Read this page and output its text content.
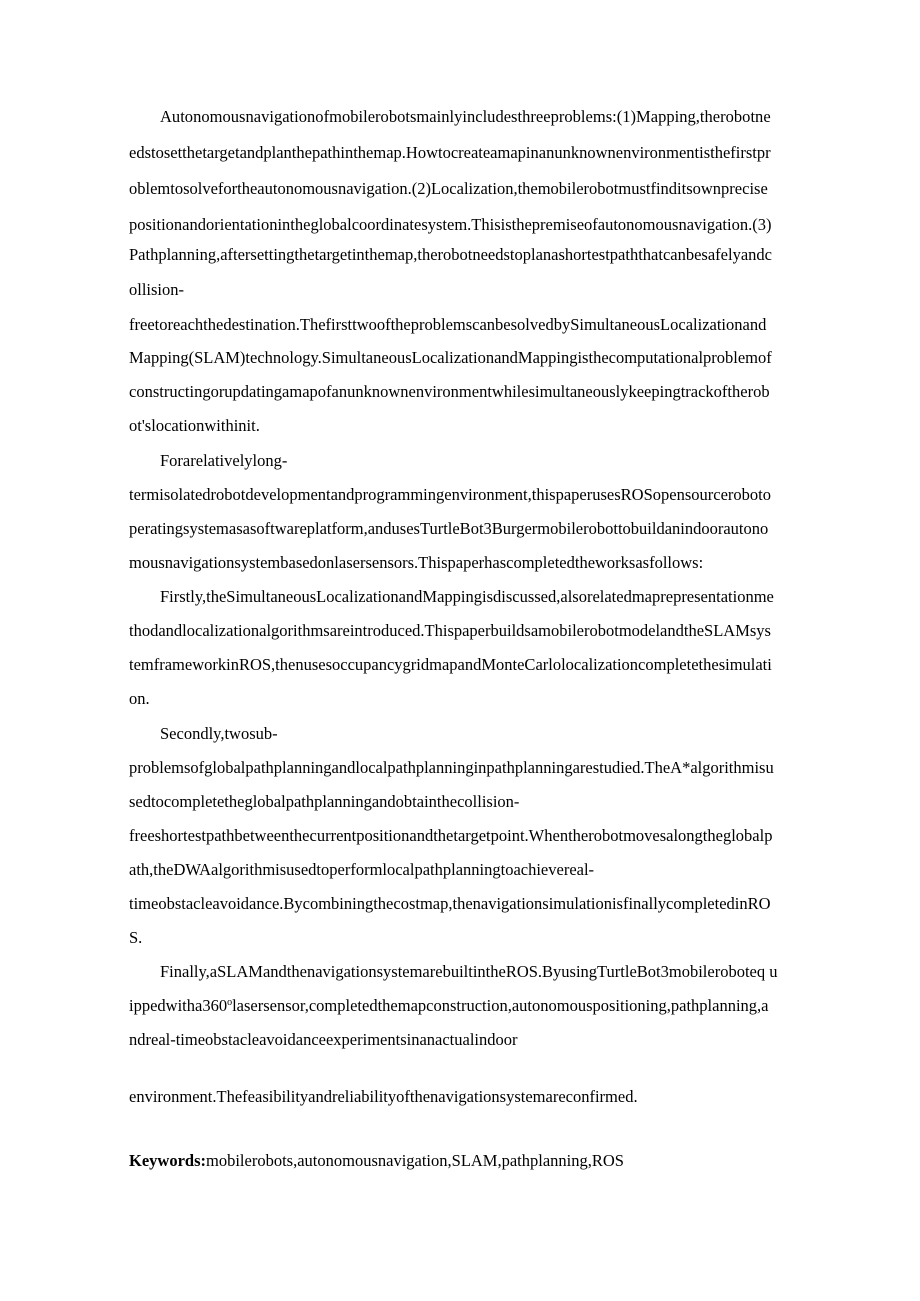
Autonomousnavigationofmobilerobotsmainlyincludesthreeproblems:(1)Mapping,therobotne

edstosetthetargetandplanthepathinthemap.Howtocreateamapinanunknownenvironmentisthefirstpr

oblemtosolvefortheautonomousnavigation.(2)Localization,themobilerobotmustfinditsownprecise

positionandorientationintheglobalcoordinatesystem.Thisisthepremiseofautonomousnavigation.(3)

Pathplanning,aftersettingthetargetinthemap,therobotneedstoplanashortestpaththatcanbesafelyandc

ollision-

freetoreachthedestination.ThefirsttwooftheproblemscanbesolvedbySimultaneousLocalizationand

Mapping(SLAM)technology.SimultaneousLocalizationandMappingisthecomputationalproblemof

constructingorupdatingamapofanunknownenvironmentwhilesimultaneouslykeepingtrackoftherob

ot'slocationwithinit.

Forarelativelylong-

termisolatedrobotdevelopmentandprogrammingenvironment,thispaperusesROSopensourceroboto

peratingsystemasasoftwareplatform,andusesTurtleBot3Burgermobilerobottobuildanindoorautono

mousnavigationsystembasedonlasersensors.Thispaperhascompletedtheworksasfollows:

Firstly,theSimultaneousLocalizationandMappingisdiscussed,alsorelatedmaprepresentationme

thodandlocalizationalgorithmsareintroduced.ThispaperbuildsamobilerobotmodelandtheSLAMsys

temframeworkinROS,thenusesoccupancygridmapandMonteCarlolocalizationcompletethesimulati

on.

Secondly,twosub-

problemsofglobalpathplanningandlocalpathplanninginpathplanningarestudied.TheA*algorithmisu

sedtocompletetheglobalpathplanningandobtainthecollision-

freeshortestpathbetweenthecurrentpositionandthetargetpoint.Whentherobotmovesalongtheglobalp

ath,theDWAalgorithmisusedtoperformlocalpathplanningtoachievereal-

timeobstacleavoidance.Bycombiningthecostmap,thenavigationsimulationisfinallycompletedinRO

S.

Finally,aSLAMandthenavigationsystemarebuiltintheROS.ByusingTurtleBot3mobileroboteq u

ippedwitha360$^o$lasersensor,completedthemapconstruction,autonomouspositioning,pathplanning,a

ndreal-timeobstacleavoidanceexperimentsinanactualindoor

environment.Thefeasibilityandreliabilityofthenavigationsystemareconfirmed.

Keywords:mobilerobots,autonomousnavigation,SLAM,pathplanning,ROS
